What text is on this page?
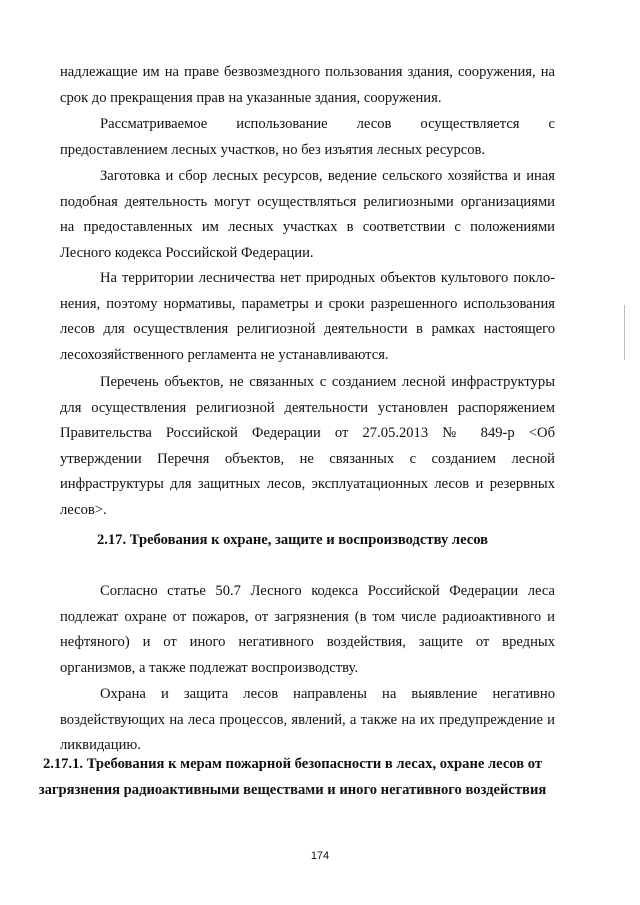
надлежащие им на праве безвозмездного пользования здания, сооружения, на срок до прекращения прав на указанные здания, сооружения.

Рассматриваемое использование лесов осуществляется с предоставлением лесных участков, но без изъятия лесных ресурсов.

Заготовка и сбор лесных ресурсов, ведение сельского хозяйства и иная подобная деятельность могут осуществляться религиозными организациями на предоставленных им лесных участках в соответствии с положениями Лесного кодекса Российской Федерации.

На территории лесничества нет природных объектов культового поклонения, поэтому нормативы, параметры и сроки разрешенного использования лесов для осуществления религиозной деятельности в рамках настоящего лесохозяйственного регламента не устанавливаются.

Перечень объектов, не связанных с созданием лесной инфраструктуры для осуществления религиозной деятельности установлен распоряжением Правительства Российской Федерации от 27.05.2013 № 849-р <Об утверждении Перечня объектов, не связанных с созданием лесной инфраструктуры для защитных лесов, эксплуатационных лесов и резервных лесов>.

2.17. Требования к охране, защите и воспроизводству лесов

Согласно статье 50.7 Лесного кодекса Российской Федерации леса подлежат охране от пожаров, от загрязнения (в том числе радиоактивного и нефтяного) и от иного негативного воздействия, защите от вредных организмов, а также подлежат воспроизводству.

Охрана и защита лесов направлены на выявление негативно воздействующих на леса процессов, явлений, а также на их предупреждение и ликвидацию.

2.17.1. Требования к мерам пожарной безопасности в лесах, охране лесов от загрязнения радиоактивными веществами и иного негативного воздействия

174
